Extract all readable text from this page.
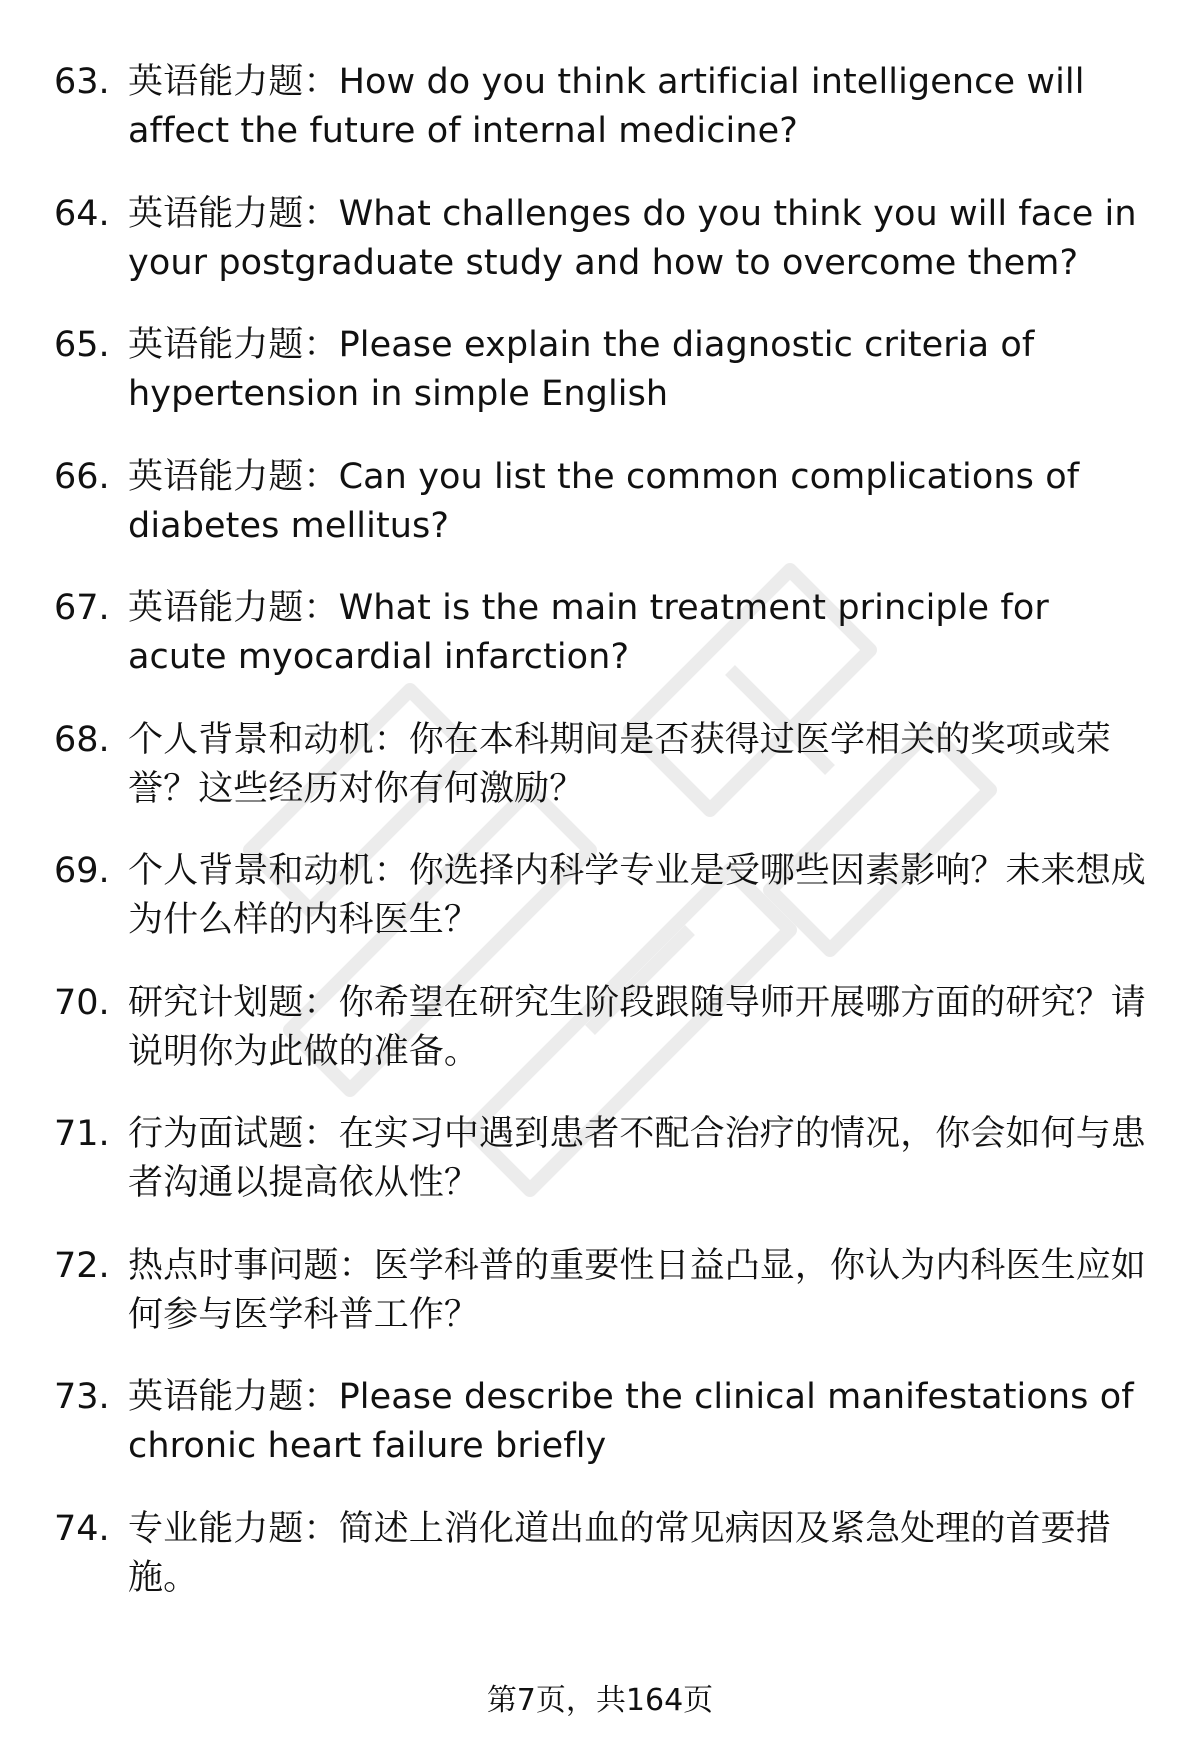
63. 英语能力题：How do you think artificial intelligence will affect the future of internal medicine?
64. 英语能力题：What challenges do you think you will face in your postgraduate study and how to overcome them?
65. 英语能力题：Please explain the diagnostic criteria of hypertension in simple English
66. 英语能力题：Can you list the common complications of diabetes mellitus?
67. 英语能力题：What is the main treatment principle for acute myocardial infarction?
68. 个人背景和动机：你在本科期间是否获得过医学相关的奖项或荣誉？这些经历对你有何激励？
69. 个人背景和动机：你选择内科学专业是受哪些因素影响？未来想成为什么样的内科医生？
70. 研究计划题：你希望在研究生阶段跟随导师开展哪方面的研究？请说明你为此做的准备。
71. 行为面试题：在实习中遇到患者不配合治疗的情况，你会如何与患者沟通以提高依从性？
72. 热点时事问题：医学科普的重要性日益凸显，你认为内科医生应如何参与医学科普工作？
73. 英语能力题：Please describe the clinical manifestations of chronic heart failure briefly
74. 专业能力题：简述上消化道出血的常见病因及紧急处理的首要措施。
第7页，共164页
